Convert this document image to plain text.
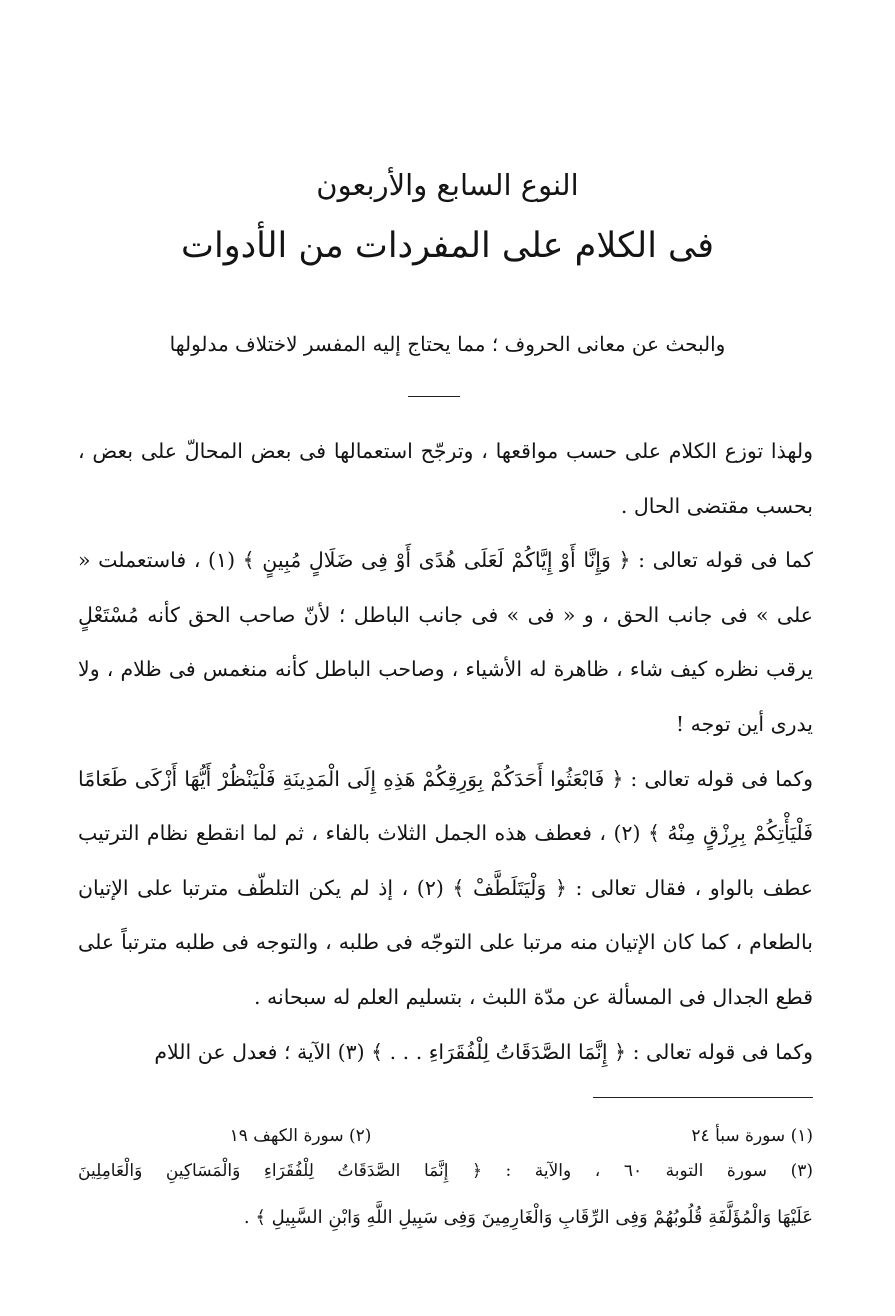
النوع السابع والأربعون
فى الكلام على المفردات من الأدوات
والبحث عن معانى الحروف ؛ مما يحتاج إليه المفسر لاختلاف مدلولها

ولهذا توزع الكلام على حسب مواقعها ، وترجّح استعمالها فى بعض المحالّ على بعض ، بحسب مقتضى الحال .

كما فى قوله تعالى : ﴿ وَإِنَّا أَوْ إِيَّاكُمْ لَعَلَى هُدًى أَوْ فِى ضَلَالٍ مُبِينٍ ﴾ (١) ، فاستعملت « على » فى جانب الحق ، و « فى » فى جانب الباطل ؛ لأنّ صاحب الحق كأنه مُسْتَعْلٍ يرقب نظره كيف شاء ، ظاهرة له الأشياء ، وصاحب الباطل كأنه منغمس فى ظلام ، ولا يدرى أين توجه !

وكما فى قوله تعالى : ﴿ فَابْعَثُوا أَحَدَكُمْ بِوَرِقِكُمْ هَذِهِ إِلَى الْمَدِينَةِ فَلْيَنْظُرْ أَيُّهَا أَزْكَى طَعَامًا فَلْيَأْتِكُمْ بِرِزْقٍ مِنْهُ ﴾ (٢) ، فعطف هذه الجمل الثلاث بالفاء ، ثم لما انقطع نظام الترتيب عطف بالواو ، فقال تعالى : ﴿ وَلْيَتَلَطَّفْ ﴾ (٢) ، إذ لم يكن التلطّف مترتبا على الإتيان بالطعام ، كما كان الإتيان منه مرتبا على التوجّه فى طلبه ، والتوجه فى طلبه مترتباً على قطع الجدال فى المسألة عن مدّة اللبث ، بتسليم العلم له سبحانه .

وكما فى قوله تعالى : ﴿ إِنَّمَا الصَّدَقَاتُ لِلْفُقَرَاءِ . . . ﴾ (٣) الآية ؛ فعدل عن اللام

(١) سورة سبأ ٢٤
(٢) سورة الكهف ١٩
(٣) سورة التوبة ٦٠ ، والآية : ﴿ إِنَّمَا الصَّدَقَاتُ لِلْفُقَرَاءِ وَالْمَسَاكِينِ وَالْعَامِلِينَ
عَلَيْهَا وَالْمُؤَلَّفَةِ قُلُوبُهُمْ وَفِى الرِّقَابِ وَالْغَارِمِينَ وَفِى سَبِيلِ اللَّهِ وَابْنِ السَّبِيلِ ﴾ .
